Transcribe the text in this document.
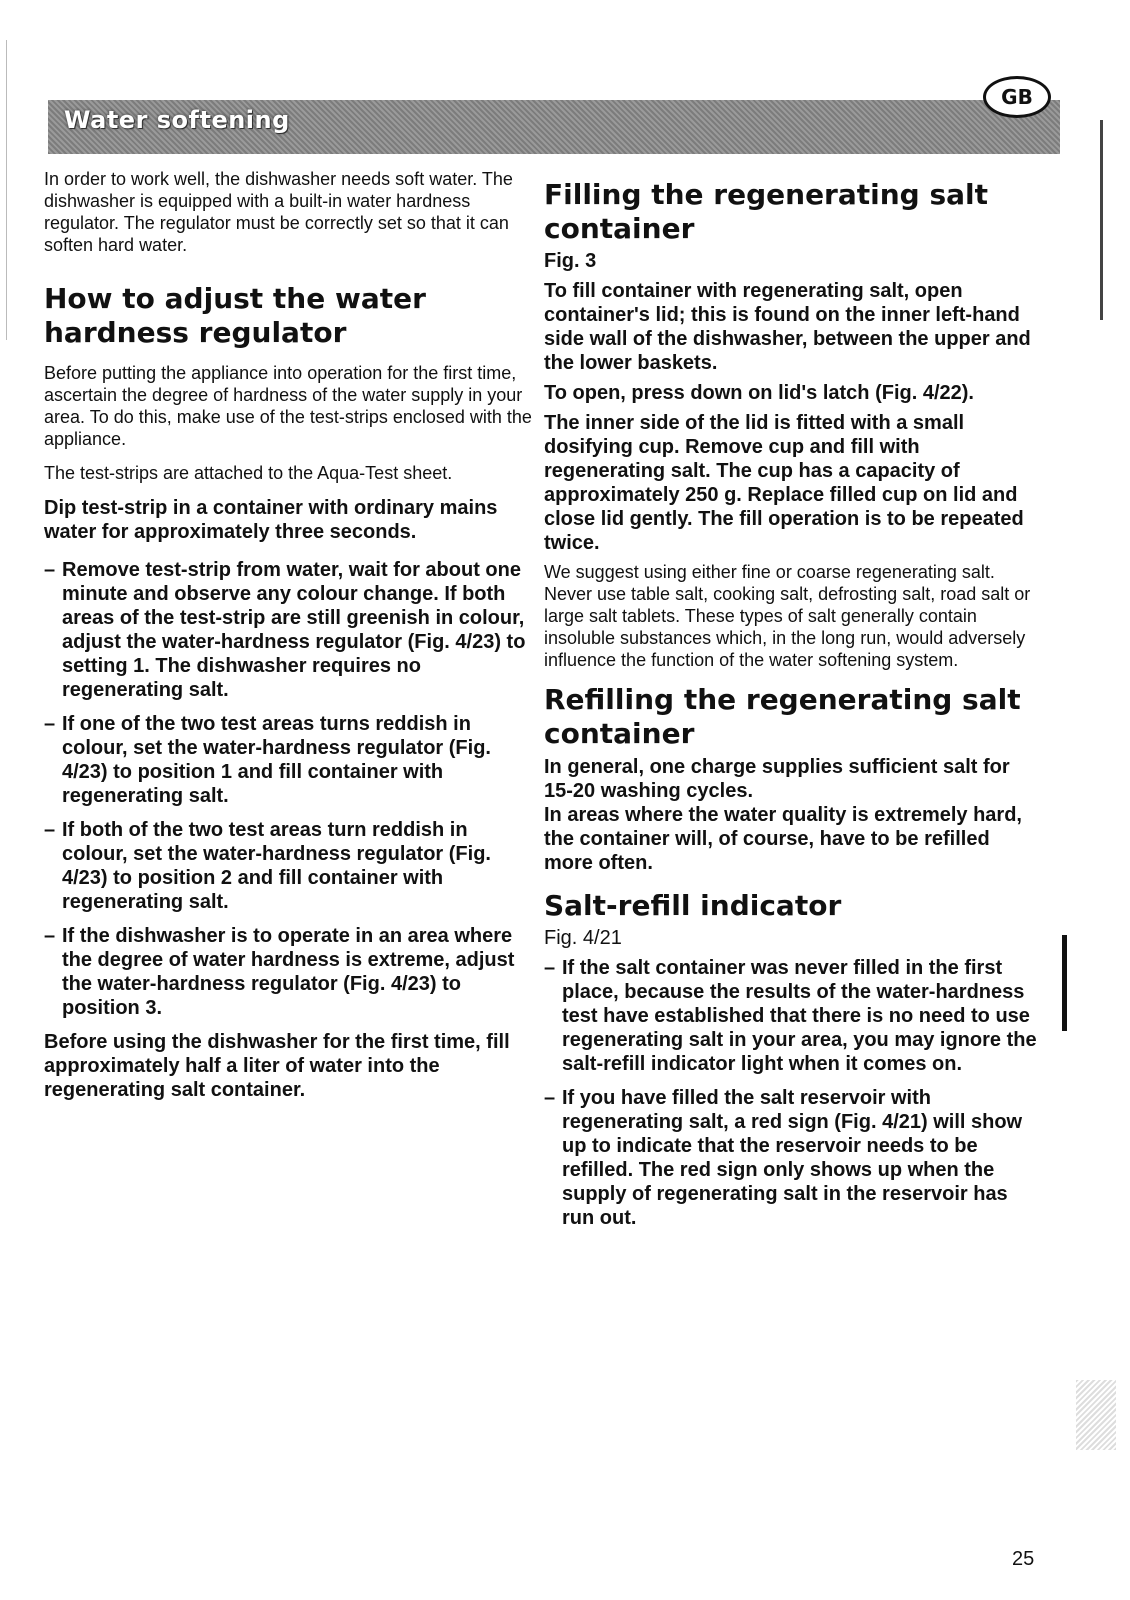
Water softening
GB

In order to work well, the dishwasher needs soft water. The dishwasher is equipped with a built-in water hardness regulator. The regulator must be correctly set so that it can soften hard water.

How to adjust the water hardness regulator

Before putting the appliance into operation for the first time, ascertain the degree of hardness of the water supply in your area. To do this, make use of the test-strips enclosed with the appliance.

The test-strips are attached to the Aqua-Test sheet.

Dip test-strip in a container with ordinary mains water for approximately three seconds.

– Remove test-strip from water, wait for about one minute and observe any colour change. If both areas of the test-strip are still greenish in colour, adjust the water-hardness regulator (Fig. 4/23) to setting 1. The dishwasher requires no regenerating salt.
– If one of the two test areas turns reddish in colour, set the water-hardness regulator (Fig. 4/23) to position 1 and fill container with regenerating salt.
– If both of the two test areas turn reddish in colour, set the water-hardness regulator (Fig. 4/23) to position 2 and fill container with regenerating salt.
– If the dishwasher is to operate in an area where the degree of water hardness is extreme, adjust the water-hardness regulator (Fig. 4/23) to position 3.

Before using the dishwasher for the first time, fill approximately half a liter of water into the regenerating salt container.

Filling the regenerating salt container
Fig. 3

To fill container with regenerating salt, open container's lid; this is found on the inner left-hand side wall of the dishwasher, between the upper and the lower baskets.

To open, press down on lid's latch (Fig. 4/22).

The inner side of the lid is fitted with a small dosifying cup. Remove cup and fill with regenerating salt. The cup has a capacity of approximately 250 g. Replace filled cup on lid and close lid gently. The fill operation is to be repeated twice.

We suggest using either fine or coarse regenerating salt. Never use table salt, cooking salt, defrosting salt, road salt or large salt tablets. These types of salt generally contain insoluble substances which, in the long run, would adversely influence the function of the water softening system.

Refilling the regenerating salt container

In general, one charge supplies sufficient salt for 15-20 washing cycles.

In areas where the water quality is extremely hard, the container will, of course, have to be refilled more often.

Salt-refill indicator
Fig. 4/21
– If the salt container was never filled in the first place, because the results of the water-hardness test have established that there is no need to use regenerating salt in your area, you may ignore the salt-refill indicator light when it comes on.
– If you have filled the salt reservoir with regenerating salt, a red sign (Fig. 4/21) will show up to indicate that the reservoir needs to be refilled. The red sign only shows up when the supply of regenerating salt in the reservoir has run out.
25
